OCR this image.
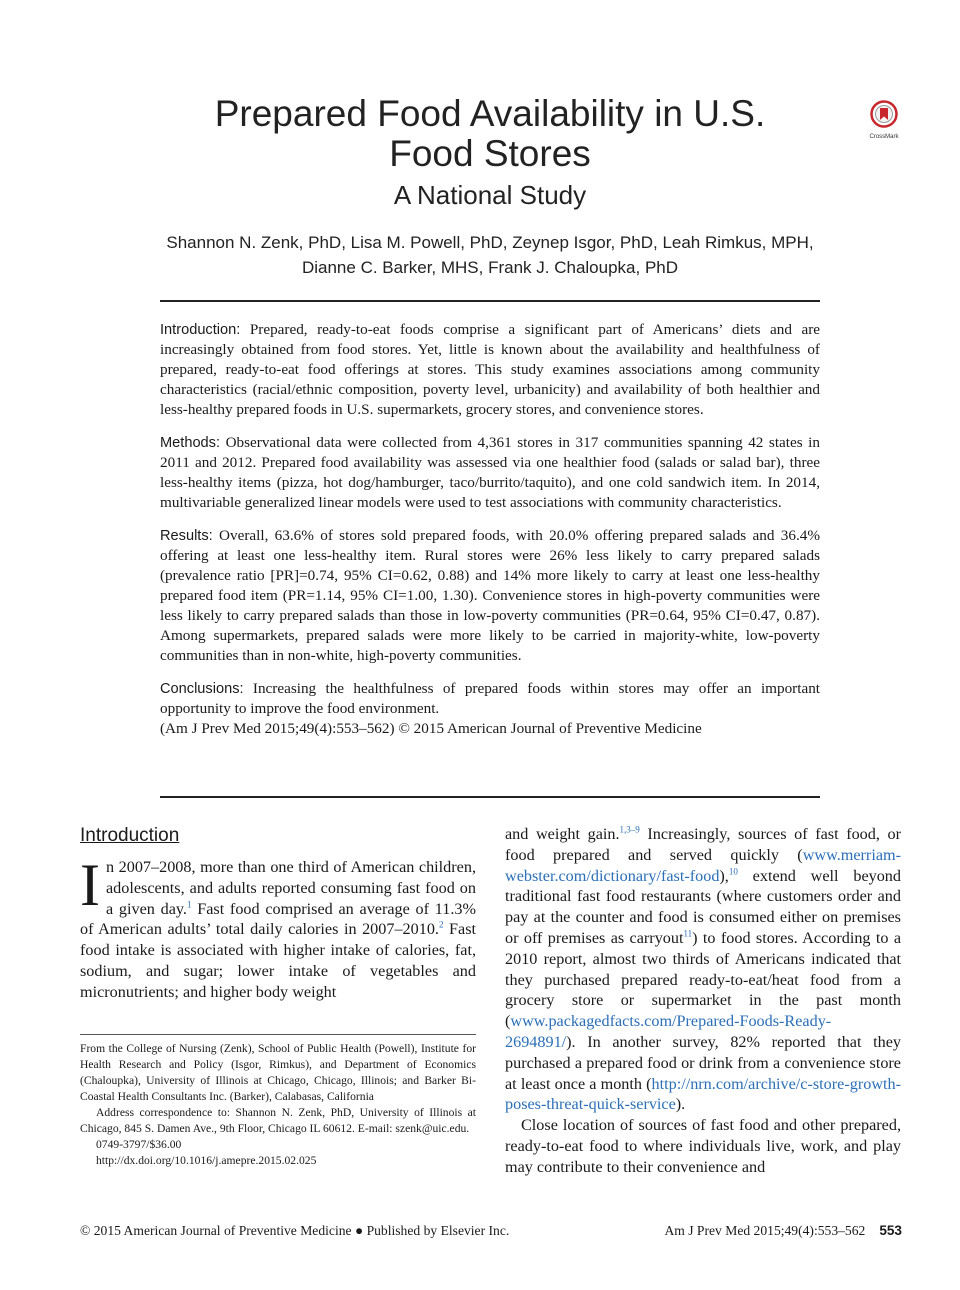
Prepared Food Availability in U.S.
Food Stores
A National Study
CrossMark
Shannon N. Zenk, PhD, Lisa M. Powell, PhD, Zeynep Isgor, PhD, Leah Rimkus, MPH,
Dianne C. Barker, MHS, Frank J. Chaloupka, PhD

Introduction: Prepared, ready-to-eat foods comprise a significant part of Americans’ diets and are increasingly obtained from food stores. Yet, little is known about the availability and healthfulness of prepared, ready-to-eat food offerings at stores. This study examines associations among community characteristics (racial/ethnic composition, poverty level, urbanicity) and availability of both healthier and less-healthy prepared foods in U.S. supermarkets, grocery stores, and convenience stores.

Methods: Observational data were collected from 4,361 stores in 317 communities spanning 42 states in 2011 and 2012. Prepared food availability was assessed via one healthier food (salads or salad bar), three less-healthy items (pizza, hot dog/hamburger, taco/burrito/taquito), and one cold sandwich item. In 2014, multivariable generalized linear models were used to test associations with community characteristics.

Results: Overall, 63.6% of stores sold prepared foods, with 20.0% offering prepared salads and 36.4% offering at least one less-healthy item. Rural stores were 26% less likely to carry prepared salads (prevalence ratio [PR]=0.74, 95% CI=0.62, 0.88) and 14% more likely to carry at least one less-healthy prepared food item (PR=1.14, 95% CI=1.00, 1.30). Convenience stores in high-poverty communities were less likely to carry prepared salads than those in low-poverty communities (PR=0.64, 95% CI=0.47, 0.87). Among supermarkets, prepared salads were more likely to be carried in majority-white, low-poverty communities than in non-white, high-poverty communities.

Conclusions: Increasing the healthfulness of prepared foods within stores may offer an important opportunity to improve the food environment.
(Am J Prev Med 2015;49(4):553–562) © 2015 American Journal of Preventive Medicine

Introduction
In 2007–2008, more than one third of American children, adolescents, and adults reported consuming fast food on a given day.$^1$ Fast food comprised an average of 11.3% of American adults’ total daily calories in 2007–2010.$^2$ Fast food intake is associated with higher intake of calories, fat, sodium, and sugar; lower intake of vegetables and micronutrients; and higher body weight

From the College of Nursing (Zenk), School of Public Health (Powell), Institute for Health Research and Policy (Isgor, Rimkus), and Department of Economics (Chaloupka), University of Illinois at Chicago, Chicago, Illinois; and Barker Bi-Coastal Health Consultants Inc. (Barker), Calabasas, California

Address correspondence to: Shannon N. Zenk, PhD, University of Illinois at Chicago, 845 S. Damen Ave., 9th Floor, Chicago IL 60612. E-mail: szenk@uic.edu.

0749-3797/$36.00

http://dx.doi.org/10.1016/j.amepre.2015.02.025

and weight gain.$^{1,3-9}$ Increasingly, sources of fast food, or food prepared and served quickly (www.merriam-webster.com/dictionary/fast-food),$^{10}$ extend well beyond traditional fast food restaurants (where customers order and pay at the counter and food is consumed either on premises or off premises as carryout$^{11}$) to food stores. According to a 2010 report, almost two thirds of Americans indicated that they purchased prepared ready-to-eat/heat food from a grocery store or supermarket in the past month (www.packagedfacts.com/Prepared-Foods-Ready-2694891/). In another survey, 82% reported that they purchased a prepared food or drink from a convenience store at least once a month (http://nrn.com/archive/c-store-growth-poses-threat-quick-service).

Close location of sources of fast food and other prepared, ready-to-eat food to where individuals live, work, and play may contribute to their convenience and

© 2015 American Journal of Preventive Medicine ● Published by Elsevier Inc.	Am J Prev Med 2015;49(4):553–562 553
